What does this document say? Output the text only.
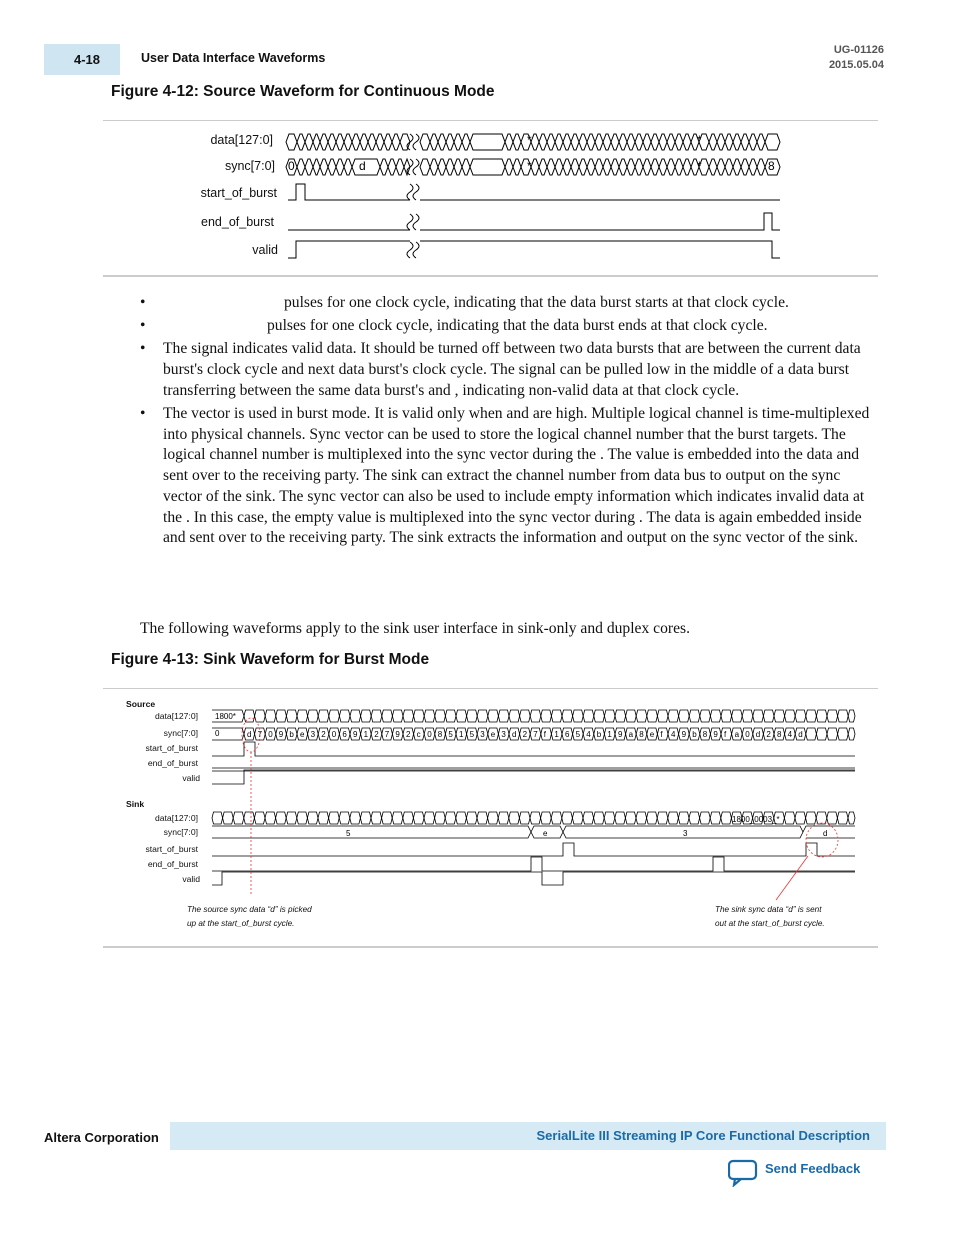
4-18	User Data Interface Waveforms
UG-01126
2015.05.04
Figure 4-12: Source Waveform for Continuous Mode
data[127:0]
sync[7:0]
start_of_burst
end_of_burst
valid
0	d
*	*
*	*	8
• pulses for one clock cycle, indicating that the data burst starts at that clock cycle.
• pulses for one clock cycle, indicating that the data burst ends at that clock cycle.
• The signal indicates valid data. It should be turned off between two data bursts that are between the current data burst's clock cycle and next data burst's clock cycle. The signal can be pulled low in the middle of a data burst transferring between the same data burst's and , indicating non-valid data at that clock cycle.
• The vector is used in burst mode. It is valid only when and are high. Multiple logical channel is time-multiplexed into physical channels. Sync vector can be used to store the logical channel number that the burst targets. The logical channel number is multiplexed into the sync vector during the . The value is embedded into the data and sent over to the receiving party. The sink can extract the channel number from data bus to output on the sync vector of the sink. The sync vector can also be used to include empty information which indicates invalid data at the . In this case, the empty value is multiplexed into the sync vector during . The data is again embedded inside and sent over to the receiving party. The sink extracts the information and output on the sync vector of the sink.
The following waveforms apply to the sink user interface in sink-only and duplex cores.
Figure 4-13: Sink Waveform for Burst Mode
Source
Sink
data[127:0]
sync[7:0]
start_of_burst
end_of_burst
valid
data[127:0]
sync[7:0]
start_of_burst
end_of_burst
valid
1800*
0
1800_0003_*
5	e	3	d
d 7 0 9 b e 3 2 0 6 9 1 2 7 9 2 c 0 8 5 1 5 3 e 3 d 2 7 f 1 6 5 4 b 1 9 a 8 e f 4 9 b 8 9 f a 0 d 2 8 4 d
The source sync data “d” is picked
up at the start_of_burst cycle.
The sink sync data “d” is sent
out at the start_of_burst cycle.
Altera Corporation	SerialLite III Streaming IP Core Functional Description
Send Feedback
